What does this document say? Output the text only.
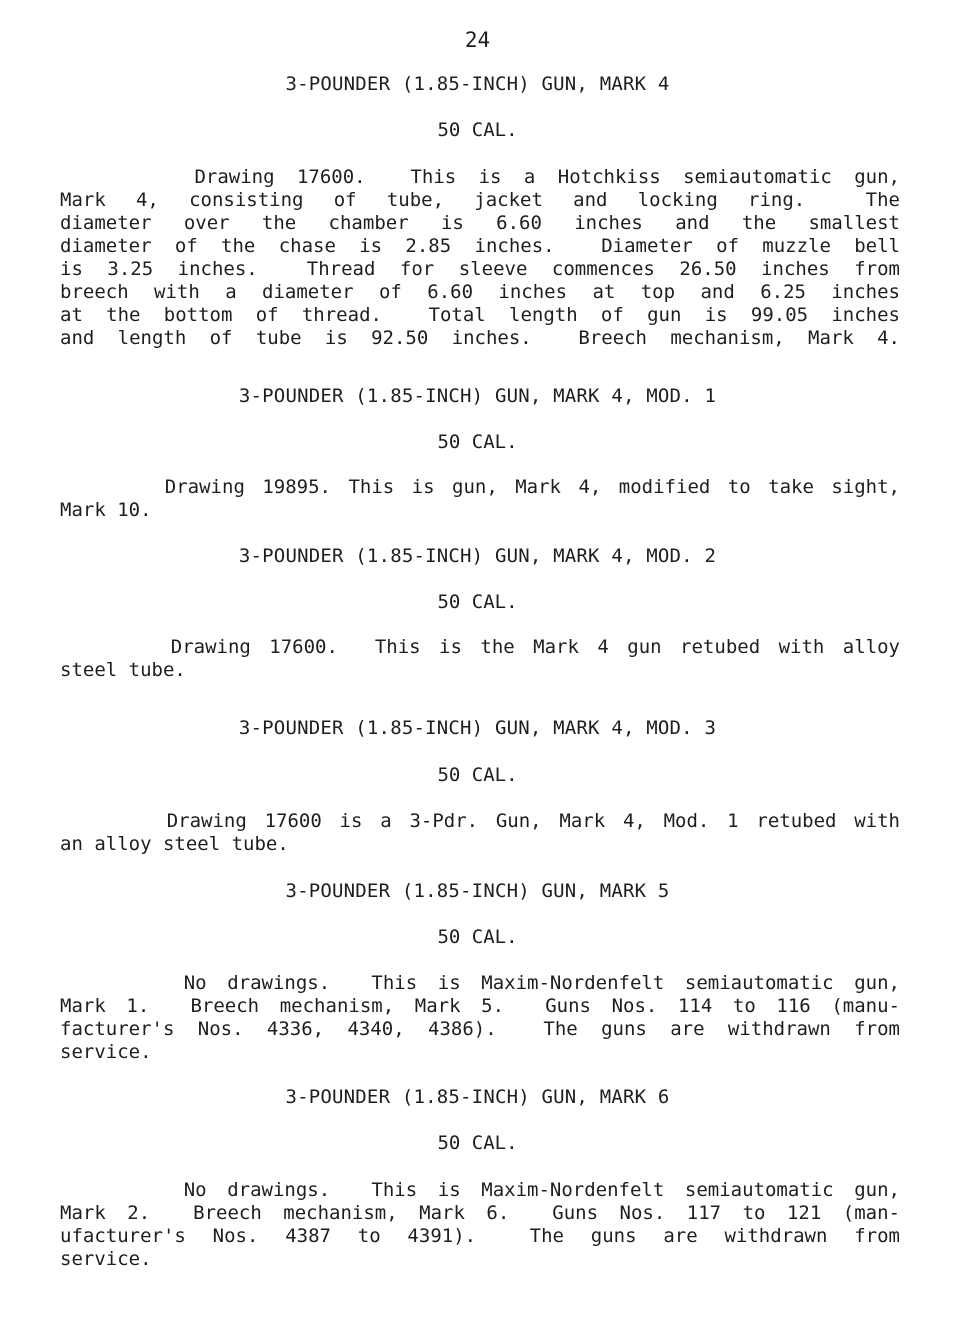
24
3-POUNDER (1.85-INCH) GUN, MARK 4
50 CAL.
Drawing 17600.  This is a Hotchkiss semiautomatic gun,
Mark 4, consisting of tube, jacket and locking ring.  The
diameter over the chamber is 6.60 inches and the smallest
diameter of the chase is 2.85 inches.  Diameter of muzzle bell
is 3.25 inches.  Thread for sleeve commences 26.50 inches from
breech with a diameter of 6.60 inches at top and 6.25 inches
at the bottom of thread.  Total length of gun is 99.05 inches
and length of tube is 92.50 inches.  Breech mechanism, Mark 4.
3-POUNDER (1.85-INCH) GUN, MARK 4, MOD. 1
50 CAL.
Drawing 19895. This is gun, Mark 4, modified to take sight,
Mark 10.
3-POUNDER (1.85-INCH) GUN, MARK 4, MOD. 2
50 CAL.
Drawing 17600.  This is the Mark 4 gun retubed with alloy
steel tube.
3-POUNDER (1.85-INCH) GUN, MARK 4, MOD. 3
50 CAL.
Drawing 17600 is a 3-Pdr. Gun, Mark 4, Mod. 1 retubed with
an alloy steel tube.
3-POUNDER (1.85-INCH) GUN, MARK 5
50 CAL.
No drawings.  This is Maxim-Nordenfelt semiautomatic gun,
Mark 1.  Breech mechanism, Mark 5.  Guns Nos. 114 to 116 (manu-
facturer's Nos. 4336, 4340, 4386).  The guns are withdrawn from
service.
3-POUNDER (1.85-INCH) GUN, MARK 6
50 CAL.
No drawings.  This is Maxim-Nordenfelt semiautomatic gun,
Mark 2.  Breech mechanism, Mark 6.  Guns Nos. 117 to 121 (man-
ufacturer's Nos. 4387 to 4391).  The guns are withdrawn from
service.
